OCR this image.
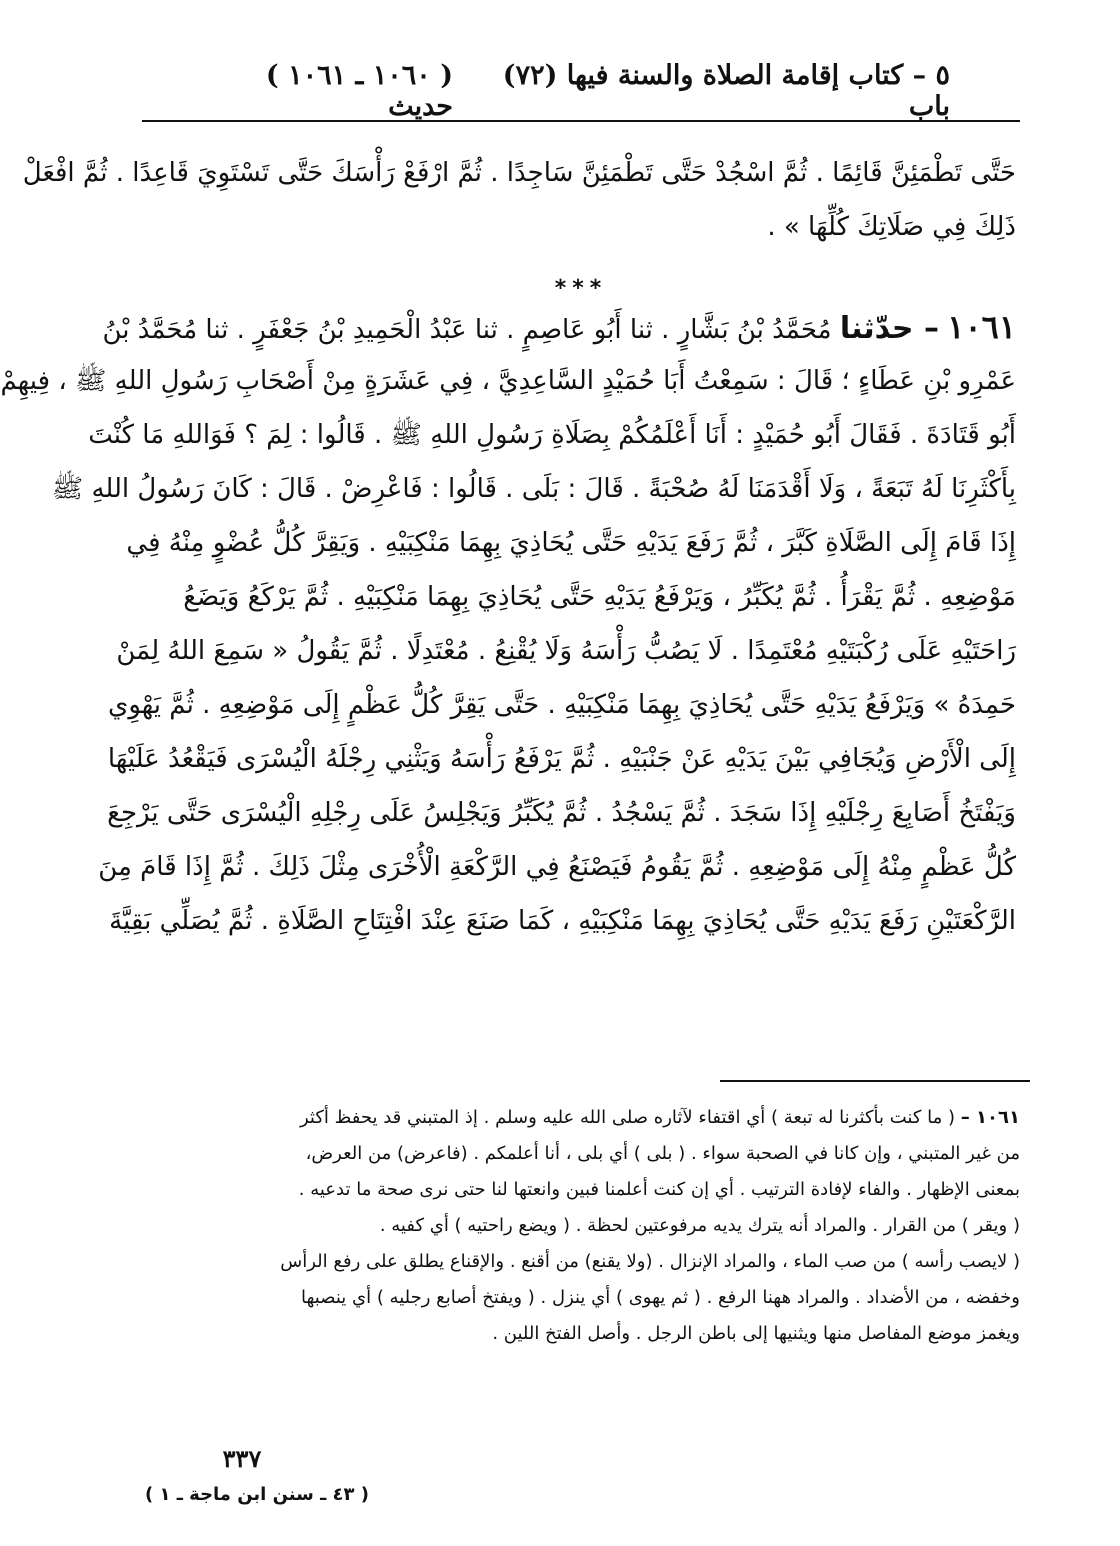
٥ – كتاب إقامة الصلاة والسنة فيها (٧٢) باب
( ١٠٦٠ ـ ١٠٦١ ) حديث
حَتَّى تَطْمَئِنَّ قَائِمًا . ثُمَّ اسْجُدْ حَتَّى تَطْمَئِنَّ سَاجِدًا . ثُمَّ ارْفَعْ رَأْسَكَ حَتَّى تَسْتَوِيَ قَاعِدًا . ثُمَّ افْعَلْ
ذَلِكَ فِي صَلَاتِكَ كُلِّهَا » .
***
١٠٦١ – حدّثنا مُحَمَّدُ بْنُ بَشَّارٍ . ثنا أَبُو عَاصِمٍ . ثنا عَبْدُ الْحَمِيدِ بْنُ جَعْفَرٍ . ثنا مُحَمَّدُ بْنُ
عَمْرِو بْنِ عَطَاءٍ ؛ قَالَ : سَمِعْتُ أَبَا حُمَيْدٍ السَّاعِدِيَّ ، فِي عَشَرَةٍ مِنْ أَصْحَابِ رَسُولِ اللهِ ﷺ ، فِيهِمْ
أَبُو قَتَادَةَ . فَقَالَ أَبُو حُمَيْدٍ : أَنَا أَعْلَمُكُمْ بِصَلَاةِ رَسُولِ اللهِ ﷺ . قَالُوا : لِمَ ؟ فَوَاللهِ مَا كُنْتَ
بِأَكْثَرِنَا لَهُ تَبَعَةً ، وَلَا أَقْدَمَنَا لَهُ صُحْبَةً . قَالَ : بَلَى . قَالُوا : فَاعْرِضْ . قَالَ : كَانَ رَسُولُ اللهِ ﷺ
إِذَا قَامَ إِلَى الصَّلَاةِ كَبَّرَ ، ثُمَّ رَفَعَ يَدَيْهِ حَتَّى يُحَاذِيَ بِهِمَا مَنْكِبَيْهِ . وَيَقِرَّ كُلُّ عُضْوٍ مِنْهُ فِي
مَوْضِعِهِ . ثُمَّ يَقْرَأُ . ثُمَّ يُكَبِّرُ ، وَيَرْفَعُ يَدَيْهِ حَتَّى يُحَاذِيَ بِهِمَا مَنْكِبَيْهِ . ثُمَّ يَرْكَعُ وَيَضَعُ
رَاحَتَيْهِ عَلَى رُكْبَتَيْهِ مُعْتَمِدًا . لَا يَصُبُّ رَأْسَهُ وَلَا يُقْنِعُ . مُعْتَدِلًا . ثُمَّ يَقُولُ « سَمِعَ اللهُ لِمَنْ
حَمِدَهُ » وَيَرْفَعُ يَدَيْهِ حَتَّى يُحَاذِيَ بِهِمَا مَنْكِبَيْهِ . حَتَّى يَقِرَّ كُلُّ عَظْمٍ إِلَى مَوْضِعِهِ . ثُمَّ يَهْوِي
إِلَى الْأَرْضِ وَيُجَافِي بَيْنَ يَدَيْهِ عَنْ جَنْبَيْهِ . ثُمَّ يَرْفَعُ رَأْسَهُ وَيَثْنِي رِجْلَهُ الْيُسْرَى فَيَقْعُدُ عَلَيْهَا
وَيَفْتَخُ أَصَابِعَ رِجْلَيْهِ إِذَا سَجَدَ . ثُمَّ يَسْجُدُ . ثُمَّ يُكَبِّرُ وَيَجْلِسُ عَلَى رِجْلِهِ الْيُسْرَى حَتَّى يَرْجِعَ
كُلُّ عَظْمٍ مِنْهُ إِلَى مَوْضِعِهِ . ثُمَّ يَقُومُ فَيَصْنَعُ فِي الرَّكْعَةِ الْأُخْرَى مِثْلَ ذَلِكَ . ثُمَّ إِذَا قَامَ مِنَ
الرَّكْعَتَيْنِ رَفَعَ يَدَيْهِ حَتَّى يُحَاذِيَ بِهِمَا مَنْكِبَيْهِ ، كَمَا صَنَعَ عِنْدَ افْتِتَاحِ الصَّلَاةِ . ثُمَّ يُصَلِّي بَقِيَّةَ
١٠٦١ – ( ما كنت بأكثرنا له تبعة ) أي اقتفاء لآثاره صلى الله عليه وسلم . إذ المتبني قد يحفظ أكثر
من غير المتبني ، وإن كانا في الصحبة سواء . ( بلى ) أي بلى ، أنا أعلمكم . (فاعرض) من العرض،
بمعنى الإظهار . والفاء لإفادة الترتيب . أي إن كنت أعلمنا فبين وانعتها لنا حتى نرى صحة ما تدعيه .
( ويقر ) من القرار . والمراد أنه يترك يديه مرفوعتين لحظة . ( ويضع راحتيه ) أي كفيه .
( لايصب رأسه ) من صب الماء ، والمراد الإنزال . (ولا يقنع) من أقنع . والإقناع يطلق على رفع الرأس
وخفضه ، من الأضداد . والمراد ههنا الرفع . ( ثم يهوى ) أي ينزل . ( ويفتخ أصابع رجليه ) أي ينصبها
ويغمز موضع المفاصل منها ويثنيها إلى باطن الرجل . وأصل الفتخ اللين .
٣٣٧
( ٤٣ ـ سنن ابن ماجة ـ ١ )
